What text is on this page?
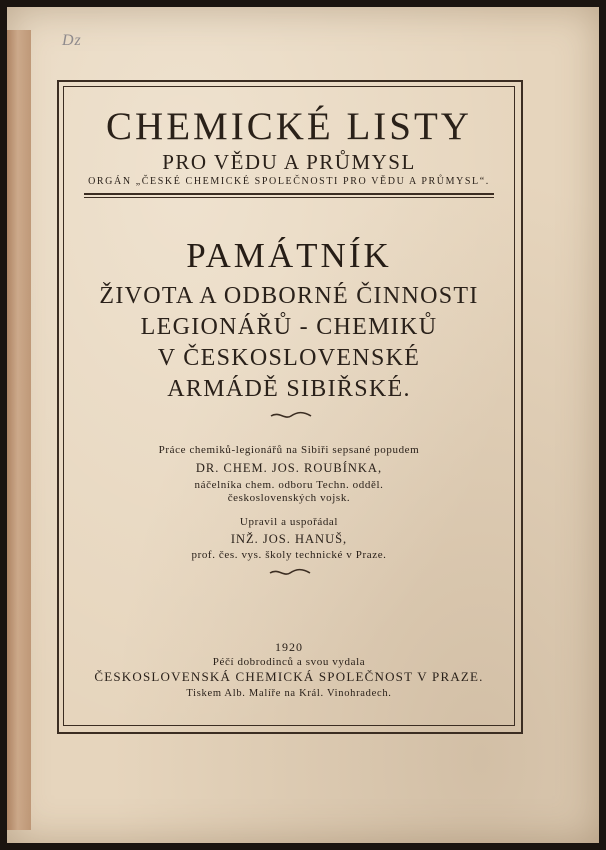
Dz
CHEMICKÉ LISTY
PRO VĚDU A PRŮMYSL
ORGÁN „ČESKÉ CHEMICKÉ SPOLEČNOSTI PRO VĚDU A PRŮMYSL“.
PAMÁTNÍK
ŽIVOTA A ODBORNÉ ČINNOSTI
LEGIONÁŘŮ - CHEMIKŮ
V ČESKOSLOVENSKÉ
ARMÁDĚ SIBIŘSKÉ.
Práce chemiků-legionářů na Sibiři sepsané popudem
DR. CHEM. JOS. ROUBÍNKA,
náčelníka chem. odboru Techn. odděl.
československých vojsk.
Upravil a uspořádal
INŽ. JOS. HANUŠ,
prof. čes. vys. školy technické v Praze.
1920
Péčí dobrodinců a svou vydala
ČESKOSLOVENSKÁ CHEMICKÁ SPOLEČNOST V PRAZE.
Tiskem Alb. Malíře na Král. Vinohradech.
